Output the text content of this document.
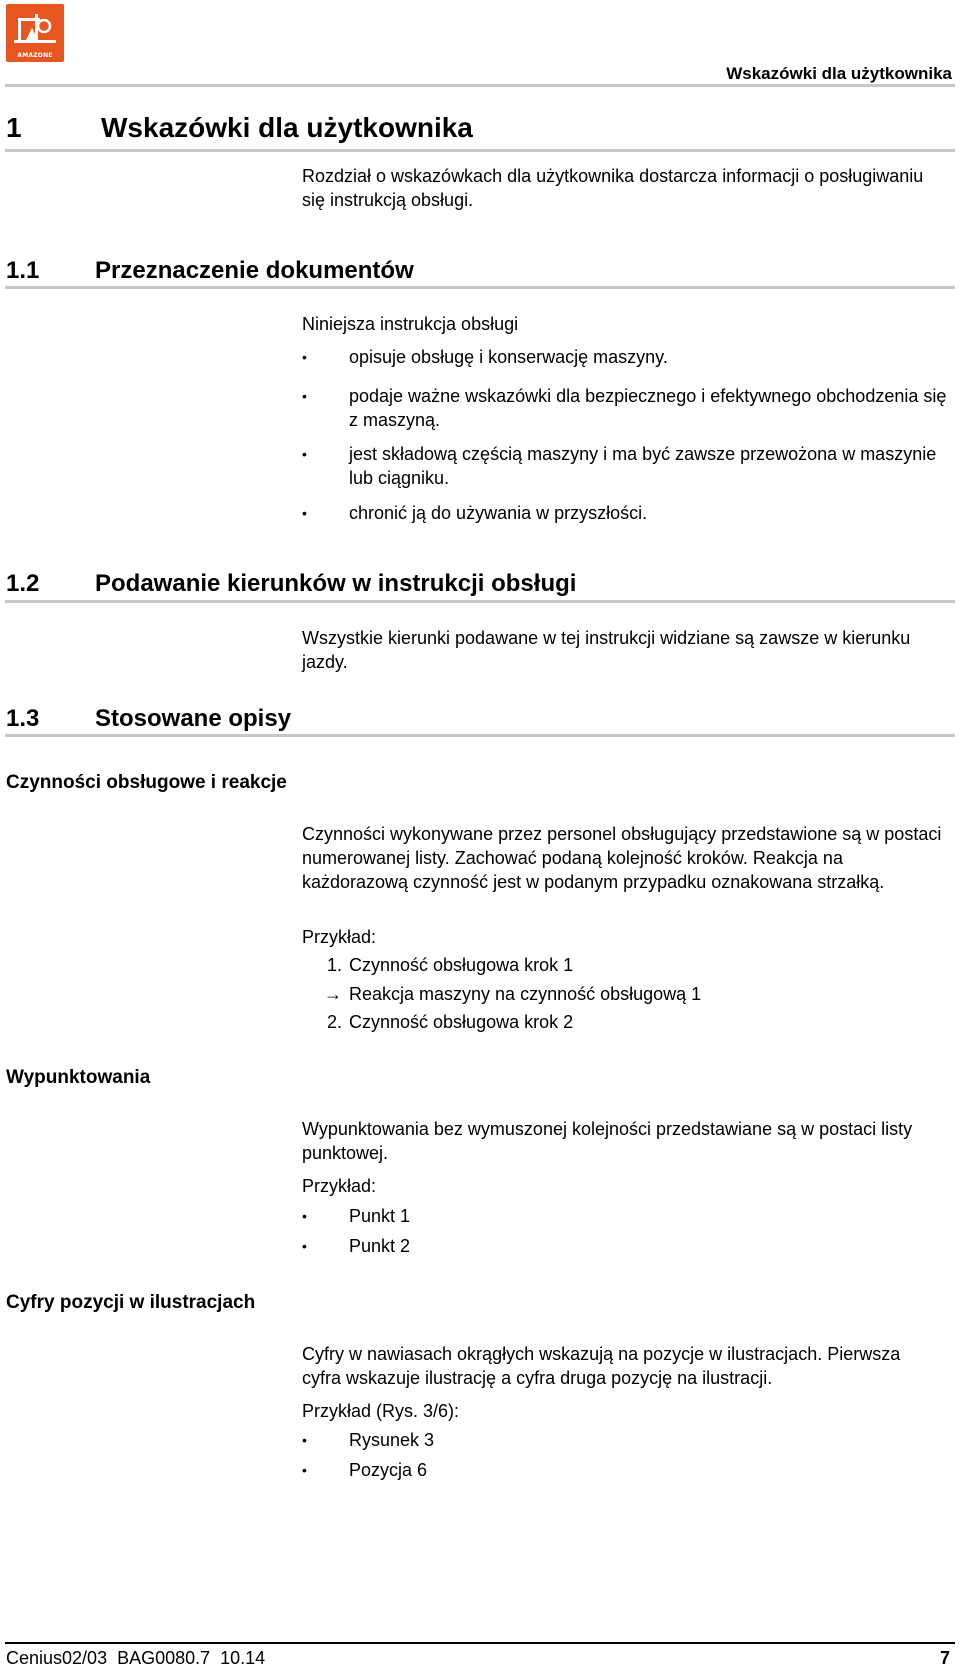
AMAZONE
Wskazówki dla użytkownika
1	Wskazówki dla użytkownika
Rozdział o wskazówkach dla użytkownika dostarcza informacji o posługiwaniu się instrukcją obsługi.
1.1 Przeznaczenie dokumentów
Niniejsza instrukcja obsługi
•	opisuje obsługę i konserwację maszyny.
•	podaje ważne wskazówki dla bezpiecznego i efektywnego obchodzenia się z maszyną.
•	jest składową częścią maszyny i ma być zawsze przewożona w maszynie lub ciągniku.
•	chronić ją do używania w przyszłości.
1.2 Podawanie kierunków w instrukcji obsługi
Wszystkie kierunki podawane w tej instrukcji widziane są zawsze w kierunku jazdy.
1.3 Stosowane opisy
Czynności obsługowe i reakcje
Czynności wykonywane przez personel obsługujący przedstawione są w postaci numerowanej listy. Zachować podaną kolejność kroków. Reakcja na każdorazową czynność jest w podanym przypadku oznakowana strzałką.
Przykład:
1. Czynność obsługowa krok 1
→ Reakcja maszyny na czynność obsługową 1
2. Czynność obsługowa krok 2
Wypunktowania
Wypunktowania bez wymuszonej kolejności przedstawiane są w postaci listy punktowej.
Przykład:
•	Punkt 1
•	Punkt 2
Cyfry pozycji w ilustracjach
Cyfry w nawiasach okrągłych wskazują na pozycje w ilustracjach. Pierwsza cyfra wskazuje ilustrację a cyfra druga pozycję na ilustracji.
Przykład (Rys. 3/6):
•	Rysunek 3
•	Pozycja 6
Cenius02/03  BAG0080.7  10.14	7
